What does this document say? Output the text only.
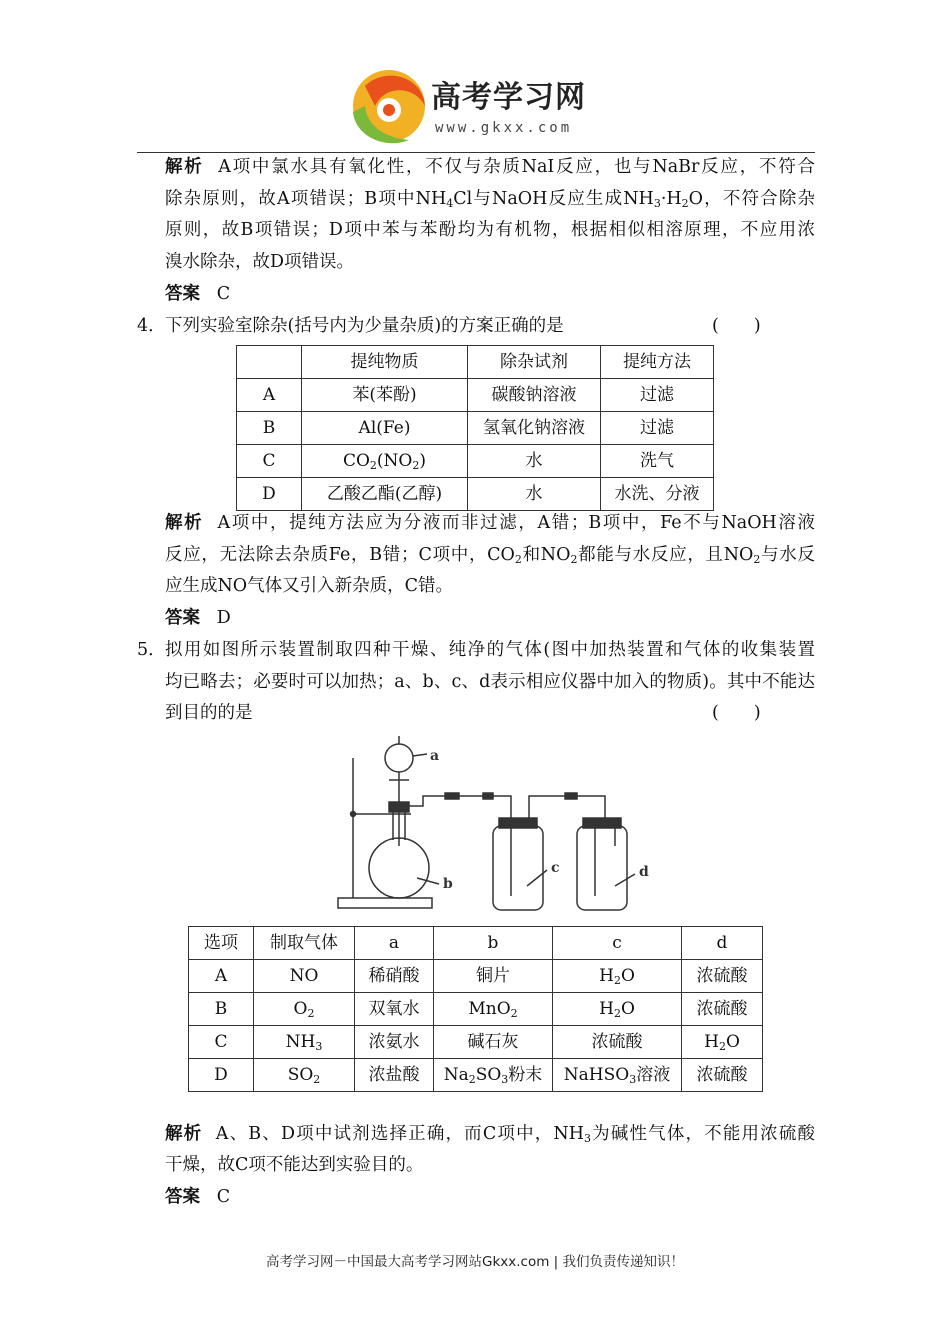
高考学习网
www.gkxx.com
解析  A项中氯水具有氧化性，不仅与杂质NaI反应，也与NaBr反应，不符合
除杂原则，故A项错误；B项中$NH_4Cl$与NaOH反应生成$NH_3\cdot H_2O$，不符合除杂
原则，故B项错误；D项中苯与苯酚均为有机物，根据相似相溶原理，不应用浓
溴水除杂，故D项错误。
答案 C
4． 下列实验室除杂(括号内为少量杂质)的方案正确的是	(　　)
	提纯物质	除杂试剂	提纯方法
A	苯(苯酚)	碳酸钠溶液	过滤
B	Al(Fe)	氢氧化钠溶液	过滤
C	$CO_2(NO_2)$	水	洗气
D	乙酸乙酯(乙醇)	水	水洗、分液
解析  A项中，提纯方法应为分液而非过滤，A错；B项中，Fe不与NaOH溶液
反应，无法除去杂质Fe，B错；C项中，$CO_2$和$NO_2$都能与水反应，且$NO_2$与水反
应生成NO气体又引入新杂质，C错。
答案 D
5． 拟用如图所示装置制取四种干燥、纯净的气体(图中加热装置和气体的收集装置
均已略去；必要时可以加热；a、b、c、d表示相应仪器中加入的物质)。其中不能达
到目的的是	(　　)
a
b
c	d
选项	制取气体	a	b	c	d
A	NO	稀硝酸	铜片	$H_2O$	浓硫酸
B	$O_2$	双氧水	MnO$_2$	$H_2O$	浓硫酸
C	$NH_3$	浓氨水	碱石灰	浓硫酸	$H_2O$
D	$SO_2$	浓盐酸	$Na_2SO_3$粉末	NaHSO$_3$溶液	浓硫酸
解析  A、B、D项中试剂选择正确，而C项中，$NH_3$为碱性气体，不能用浓硫酸
干燥，故C项不能达到实验目的。
答案 C
高考学习网－中国最大高考学习网站Gkxx.com | 我们负责传递知识！
